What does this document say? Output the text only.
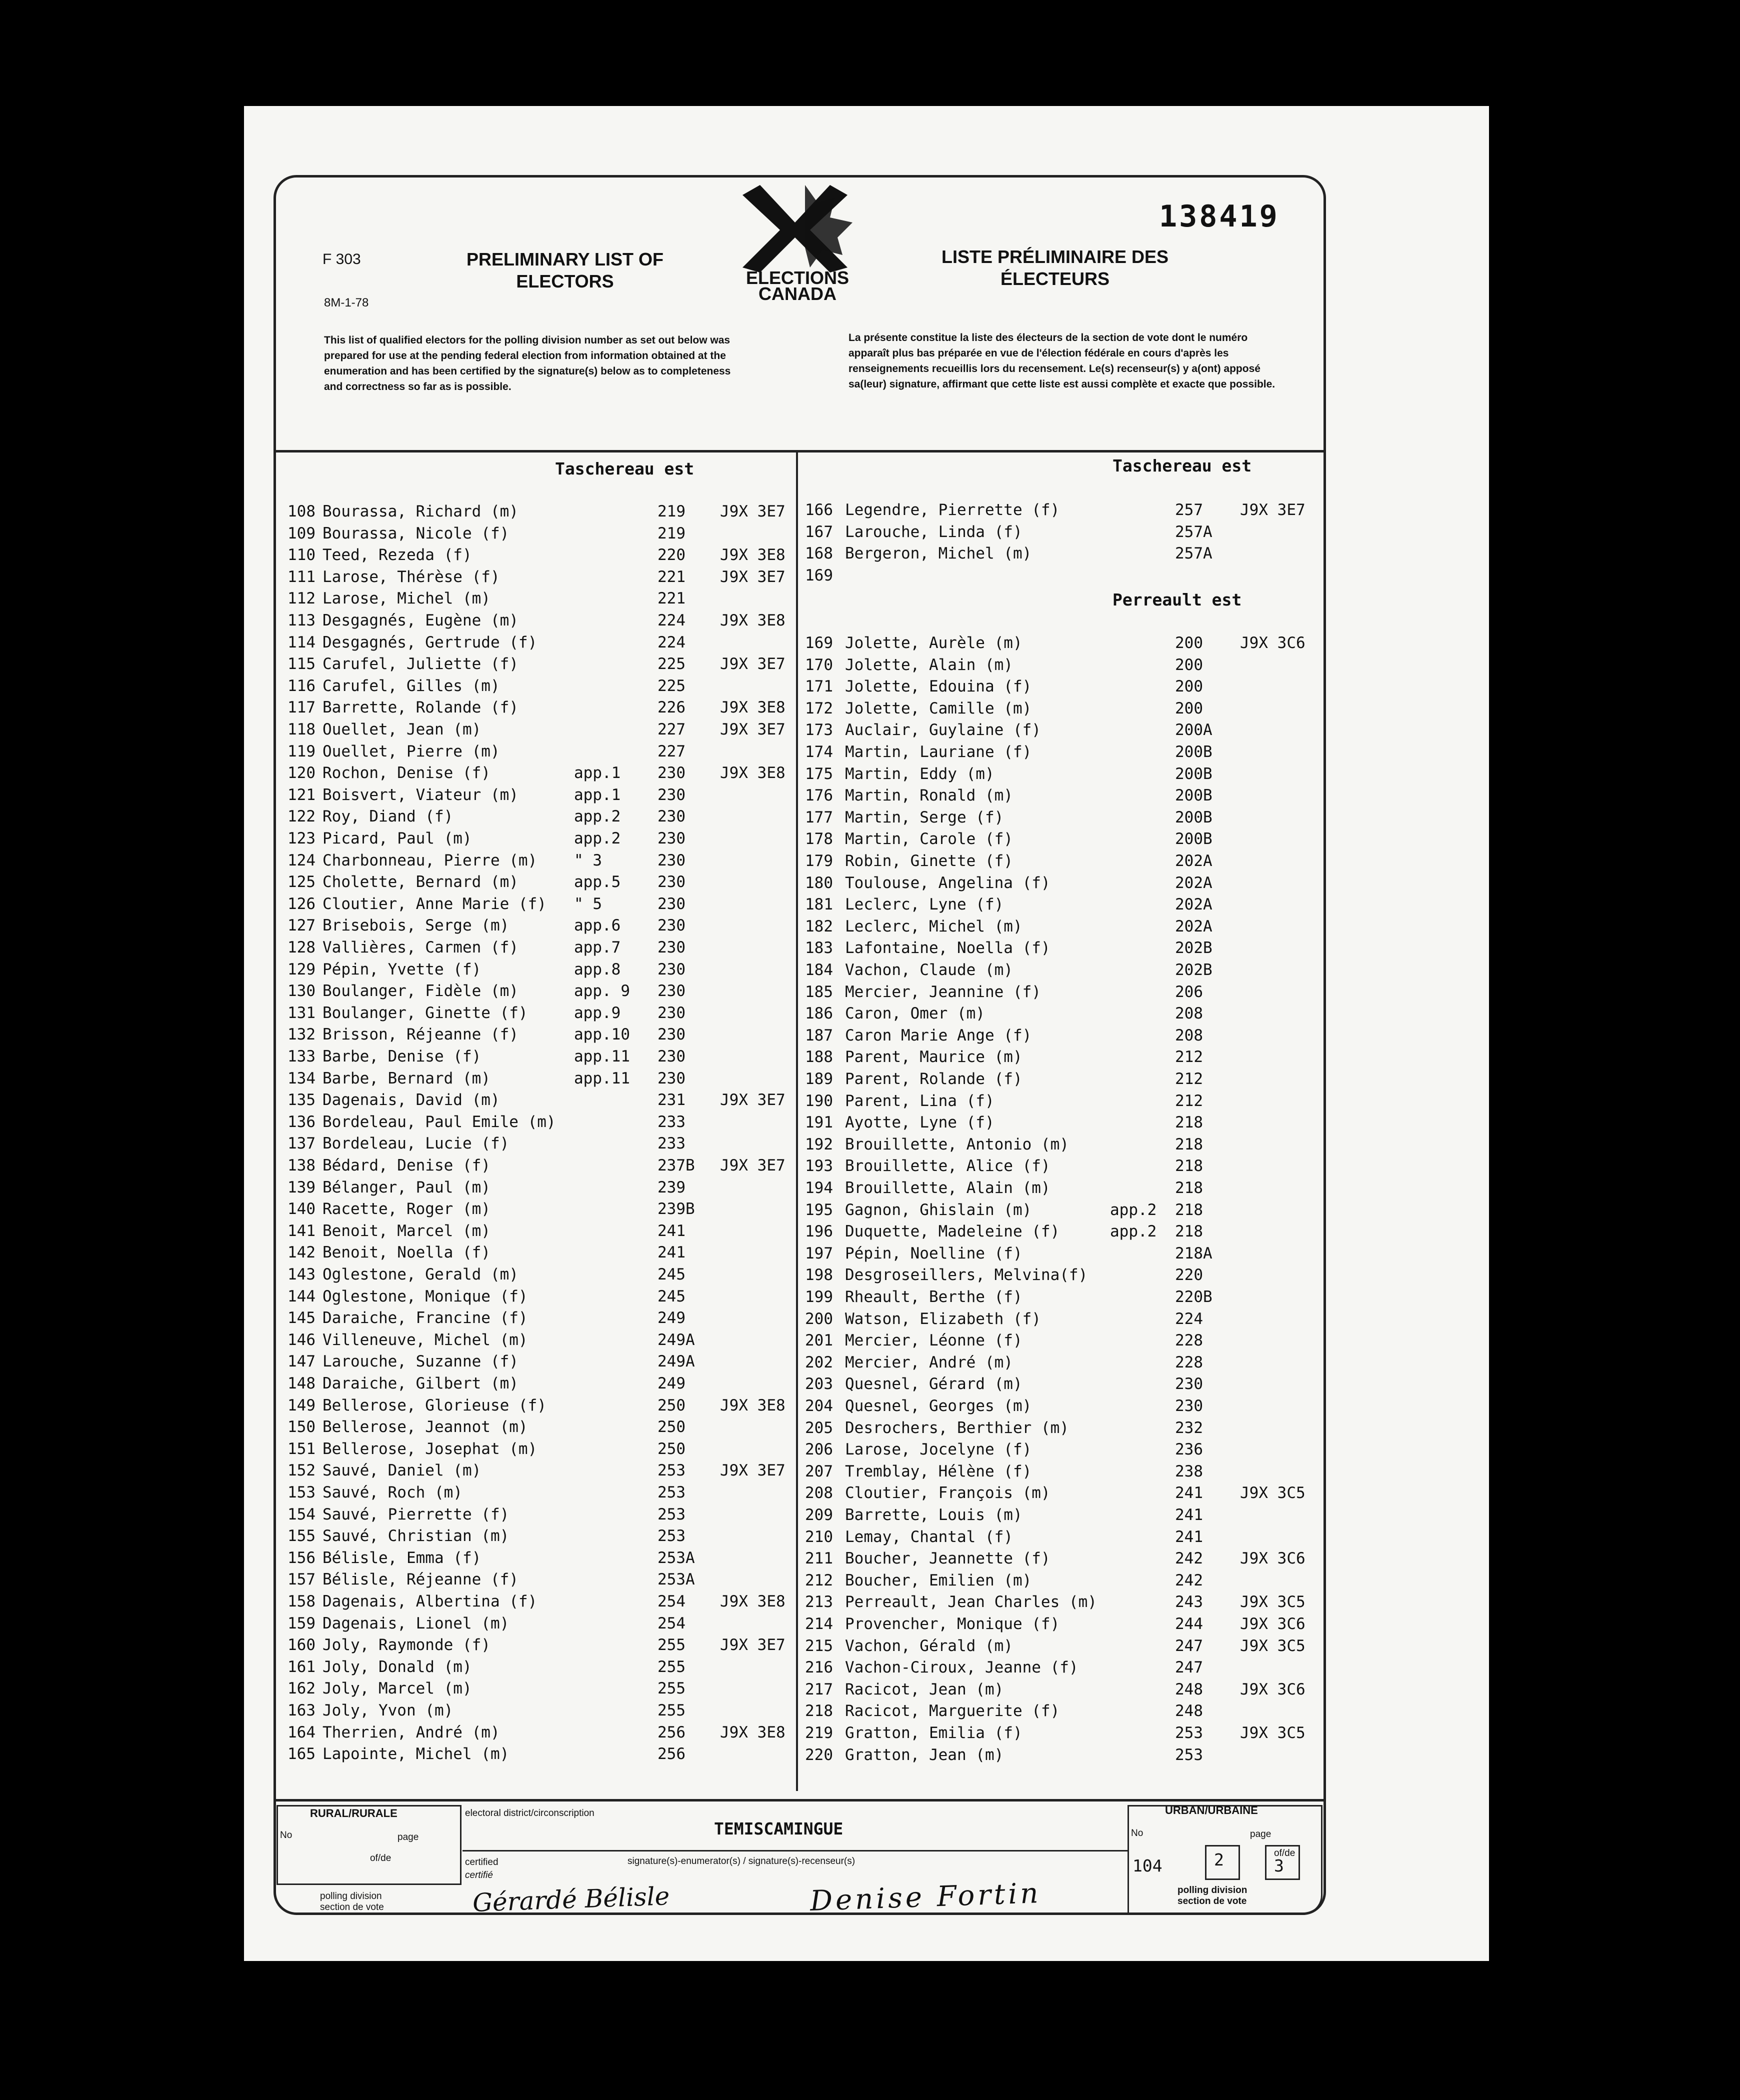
F 303
8M-1-78
PRELIMINARY LIST OF
ELECTORS	ELECTIONS
CANADA
138419
LISTE PRÉLIMINAIRE DES
ÉLECTEURS
This list of qualified electors for the polling division number as set out below was prepared for use at the pending federal election from information obtained at the enumeration and has been certified by the signature(s) below as to completeness and correctness so far as is possible.
La présente constitue la liste des électeurs de la section de vote dont le numéro apparaît plus bas préparée en vue de l'élection fédérale en cours d'après les renseignements recueillis lors du recensement. Le(s) recenseur(s) y a(ont) apposé sa(leur) signature, affirmant que cette liste est aussi complète et exacte que possible.
Taschereau est	Taschereau est
Perreault est
108 Bourassa, Richard (m)	219 J9X 3E7
109 Bourassa, Nicole (f)	219
110 Teed, Rezeda (f)	220 J9X 3E8
111 Larose, Thérèse (f)	221 J9X 3E7
112 Larose, Michel (m)	221
113 Desgagnés, Eugène (m)	224 J9X 3E8
114 Desgagnés, Gertrude (f)	224
115 Carufel, Juliette (f)	225 J9X 3E7
116 Carufel, Gilles (m)	225
117 Barrette, Rolande (f)	226 J9X 3E8
118 Ouellet, Jean (m)	227 J9X 3E7
119 Ouellet, Pierre (m)	227
120 Rochon, Denise (f)	app.1 230 J9X 3E8
121 Boisvert, Viateur (m)	app.1 230
122 Roy, Diand (f)	app.2 230
123 Picard, Paul (m)	app.2 230
124 Charbonneau, Pierre (m) " 3	230
125 Cholette, Bernard (m)	app.5 230
126 Cloutier, Anne Marie (f) " 5	230
127 Brisebois, Serge (m)	app.6 230
128 Vallières, Carmen (f)	app.7 230
129 Pépin, Yvette (f)	app.8 230
130 Boulanger, Fidèle (m)	app. 9 230
131 Boulanger, Ginette (f)	app.9 230
132 Brisson, Réjeanne (f)	app.10 230
133 Barbe, Denise (f)	app.11 230
134 Barbe, Bernard (m)	app.11 230
135 Dagenais, David (m)	231 J9X 3E7
136 Bordeleau, Paul Emile (m)	233
137 Bordeleau, Lucie (f)	233
138 Bédard, Denise (f)	237B J9X 3E7
139 Bélanger, Paul (m)	239
140 Racette, Roger (m)	239B
141 Benoit, Marcel (m)	241
142 Benoit, Noella (f)	241
143 Oglestone, Gerald (m)	245
144 Oglestone, Monique (f)	245
145 Daraiche, Francine (f)	249
146 Villeneuve, Michel (m)	249A
147 Larouche, Suzanne (f)	249A
148 Daraiche, Gilbert (m)	249
149 Bellerose, Glorieuse (f)	250 J9X 3E8
150 Bellerose, Jeannot (m)	250
151 Bellerose, Josephat (m)	250
152 Sauvé, Daniel (m)	253 J9X 3E7
153 Sauvé, Roch (m)	253
154 Sauvé, Pierrette (f)	253
155 Sauvé, Christian (m)	253
156 Bélisle, Emma (f)	253A
157 Bélisle, Réjeanne (f)	253A
158 Dagenais, Albertina (f)	254 J9X 3E8
159 Dagenais, Lionel (m)	254
160 Joly, Raymonde (f)	255 J9X 3E7
161 Joly, Donald (m)	255
162 Joly, Marcel (m)	255
163 Joly, Yvon (m)	255
164 Therrien, André (m)	256 J9X 3E8
165 Lapointe, Michel (m)	256
166 Legendre, Pierrette (f)	257 J9X 3E7
167 Larouche, Linda (f)	257A
168 Bergeron, Michel (m)	257A
169
169 Jolette, Aurèle (m)	200 J9X 3C6
170 Jolette, Alain (m)	200
171 Jolette, Edouina (f)	200
172 Jolette, Camille (m)	200
173 Auclair, Guylaine (f)	200A
174 Martin, Lauriane (f)	200B
175 Martin, Eddy (m)	200B
176 Martin, Ronald (m)	200B
177 Martin, Serge (f)	200B
178 Martin, Carole (f)	200B
179 Robin, Ginette (f)	202A
180 Toulouse, Angelina (f)	202A
181 Leclerc, Lyne (f)	202A
182 Leclerc, Michel (m)	202A
183 Lafontaine, Noella (f)	202B
184 Vachon, Claude (m)	202B
185 Mercier, Jeannine (f)	206
186 Caron, Omer (m)	208
187 Caron Marie Ange (f)	208
188 Parent, Maurice (m)	212
189 Parent, Rolande (f)	212
190 Parent, Lina (f)	212
191 Ayotte, Lyne (f)	218
192 Brouillette, Antonio (m)	218
193 Brouillette, Alice (f)	218
194 Brouillette, Alain (m)	218
195 Gagnon, Ghislain (m)	app.2 218
196 Duquette, Madeleine (f)	app.2 218
197 Pépin, Noelline (f)	218A
198 Desgroseillers, Melvina(f)	220
199 Rheault, Berthe (f)	220B
200 Watson, Elizabeth (f)	224
201 Mercier, Léonne (f)	228
202 Mercier, André (m)	228
203 Quesnel, Gérard (m)	230
204 Quesnel, Georges (m)	230
205 Desrochers, Berthier (m)	232
206 Larose, Jocelyne (f)	236
207 Tremblay, Hélène (f)	238
208 Cloutier, François (m)	241 J9X 3C5
209 Barrette, Louis (m)	241
210 Lemay, Chantal (f)	241
211 Boucher, Jeannette (f)	242 J9X 3C6
212 Boucher, Emilien (m)	242
213 Perreault, Jean Charles (m)	243 J9X 3C5
214 Provencher, Monique (f)	244 J9X 3C6
215 Vachon, Gérald (m)	247 J9X 3C5
216 Vachon-Ciroux, Jeanne (f)	247
217 Racicot, Jean (m)	248 J9X 3C6
218 Racicot, Marguerite (f)	248
219 Gratton, Emilia (f)	253 J9X 3C5
220 Gratton, Jean (m)	253
RURAL/RURALE
No	page
of/de
polling division
section de vote
electoral district/circonscription
TEMISCAMINGUE
certified
certifié
signature(s)-enumerator(s) / signature(s)-recenseur(s)
Gérardé Bélisle	Denise Fortin
URBAN/URBAINE
No	page
104	2	of/de
3
polling division
section de vote
